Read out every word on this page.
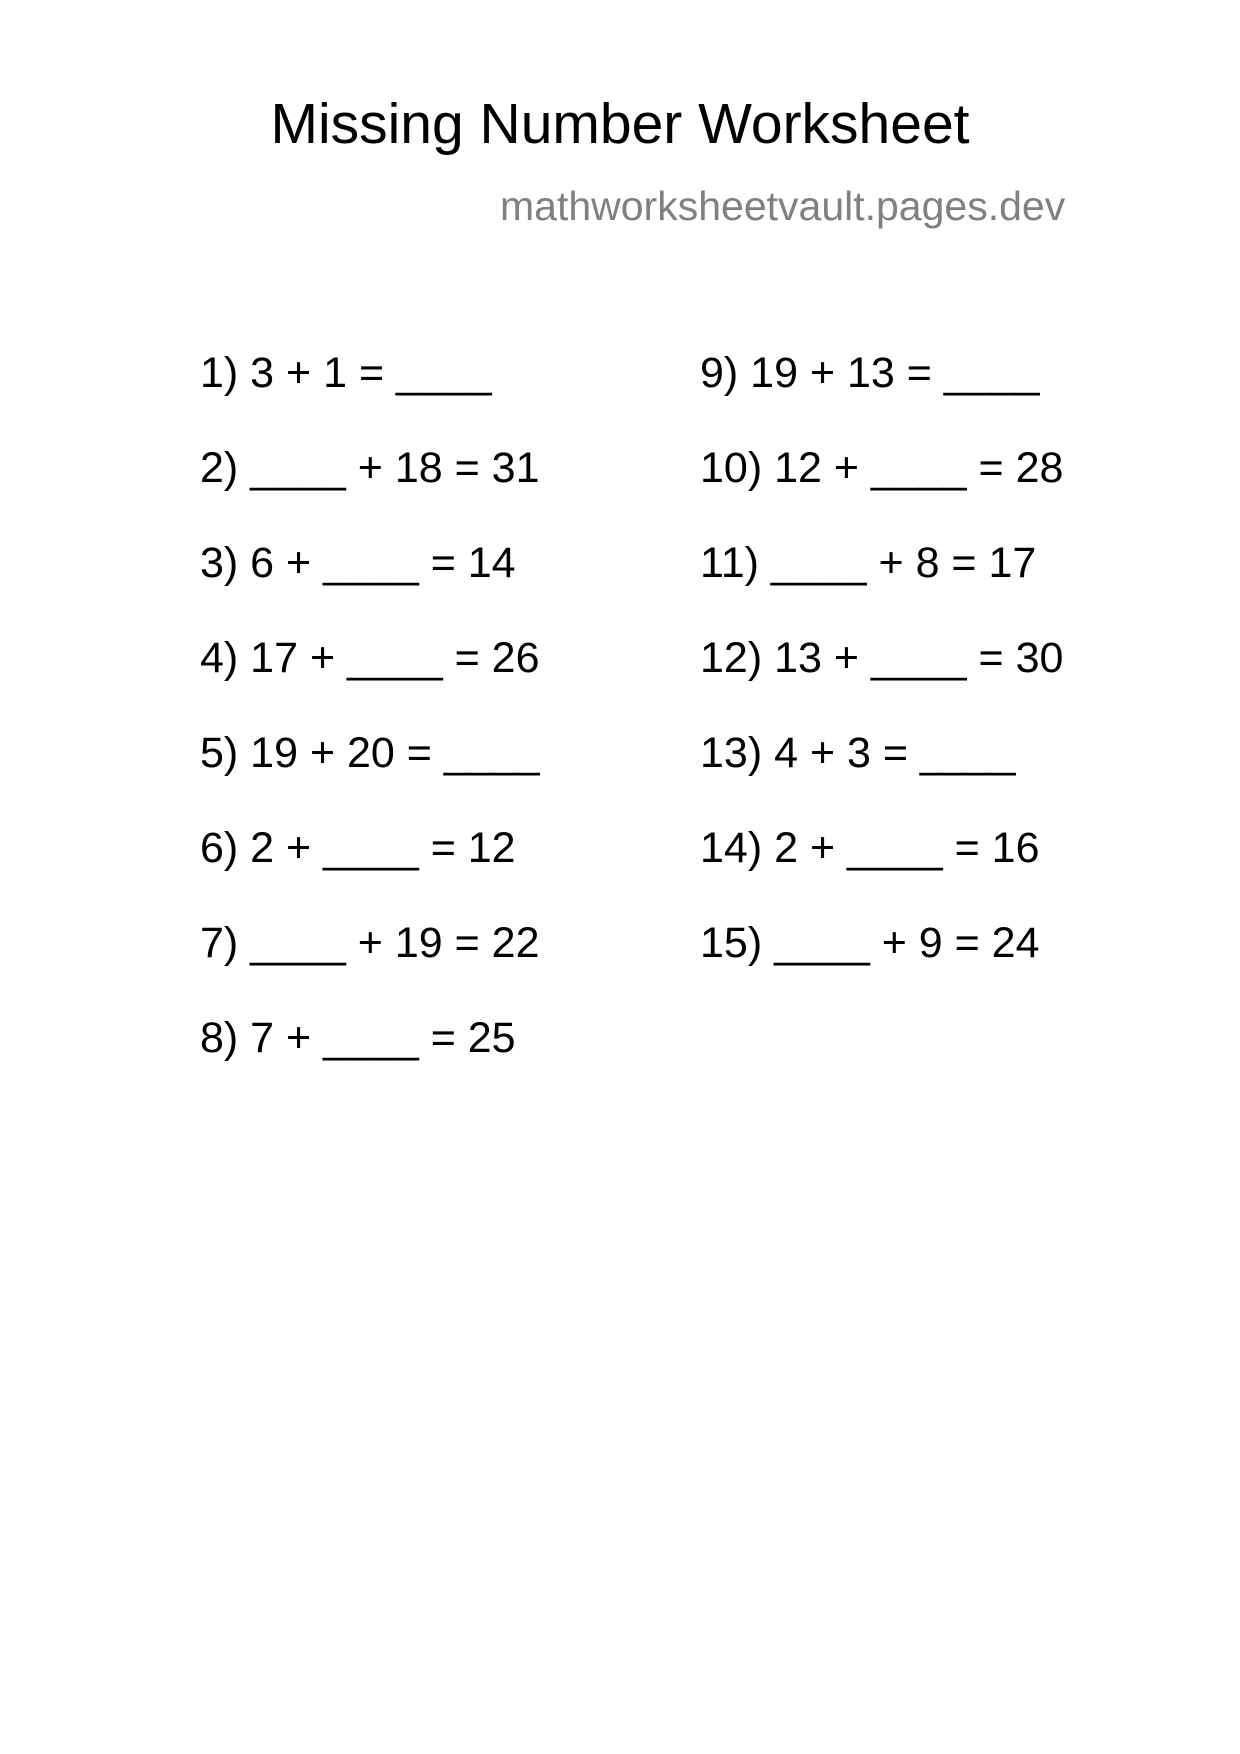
Missing Number Worksheet
mathworksheetvault.pages.dev
1) 3 + 1 = ____
2) ____ + 18 = 31
3) 6 + ____ = 14
4) 17 + ____ = 26
5) 19 + 20 = ____
6) 2 + ____ = 12
7) ____ + 19 = 22
8) 7 + ____ = 25
9) 19 + 13 = ____
10) 12 + ____ = 28
11) ____ + 8 = 17
12) 13 + ____ = 30
13) 4 + 3 = ____
14) 2 + ____ = 16
15) ____ + 9 = 24
